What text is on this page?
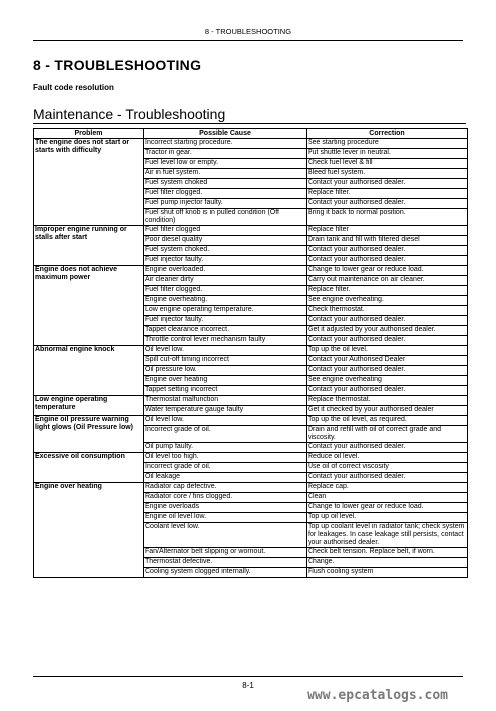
8 - TROUBLESHOOTING
8 - TROUBLESHOOTING
Fault code resolution
Maintenance - Troubleshooting
Problem	Possible Cause	Correction
The engine does not start or starts with difficulty	Incorrect starting procedure.	See starting procedure
	Tractor in gear.	Put shuttle lever in neutral.
	Fuel level low or empty.	Check fuel level & fill
	Air in fuel system.	Bleed fuel system.
	Fuel system choked	Contact your authorised dealer.
	Fuel filter clogged.	Replace filter.
	Fuel pump injector faulty.	Contact your authorised dealer.
	Fuel shut off knob is in pulled condition (Off condition)	Bring it back to normal position.
Improper engine running or stalls after start	Fuel filter clogged	Replace filter
	Poor diesel quality	Drain tank and fill with filtered diesel
	Fuel system choked.	Contact your authorised dealer.
	Fuel injector faulty.	Contact your authorised dealer.
Engine does not achieve maximum power	Engine overloaded.	Change to lower gear or reduce load.
	Air cleaner dirty	Carry out maintenance on air cleaner.
	Fuel filter clogged.	Replace filter.
	Engine overheating.	See engine overheating.
	Low engine operating temperature.	Check thermostat.
	Fuel injector faulty.	Contact your authorised dealer.
	Tappet clearance incorrect.	Get it adjusted by your authorised dealer.
	Throttle control lever mechanism faulty	Contact your authorised dealer.
Abnormal engine knock	Oil level low.	Top up the oil level.
	Spill cut-off timing incorrect	Contact your Authorised Dealer
	Oil pressure low.	Contact your authorised dealer.
	Engine over heating	See engine overheating
	Tappet setting incorrect	Contact your authorised dealer.
Low engine operating temperature	Thermostat malfunction	Replace thermostat.
	Water temperature gauge faulty	Get it checked by your authorised dealer
Engine oil pressure warning light glows (Oil Pressure low)	Oil level low.	Top up the oil level, as required.
	Incorrect grade of oil.	Drain and refill with oil of correct grade and viscosity.
	Oil pump faulty.	Contact your authorised dealer.
Excessive oil consumption	Oil level too high.	Reduce oil level.
	Incorrect grade of oil.	Use oil of correct viscosity
	Oil leakage	Contact your authorised dealer.
Engine over heating	Radiator cap defective.	Replace cap.
	Radiator core / fins clogged.	Clean
	Engine overloads	Change to lower gear or reduce load.
	Engine oil level low.	Top up oil level.
	Coolant level low.	Top up coolant level in radiator tank; check system for leakages. In case leakage still persists, contact your authorised dealer.
	Fan/Alternator belt slipping or wornout.	Check belt tension. Replace belt, if worn.
	Thermostat defective.	Change.
	Cooling system clogged internally.	Flush cooling system
8-1
www.epcatalogs.com
